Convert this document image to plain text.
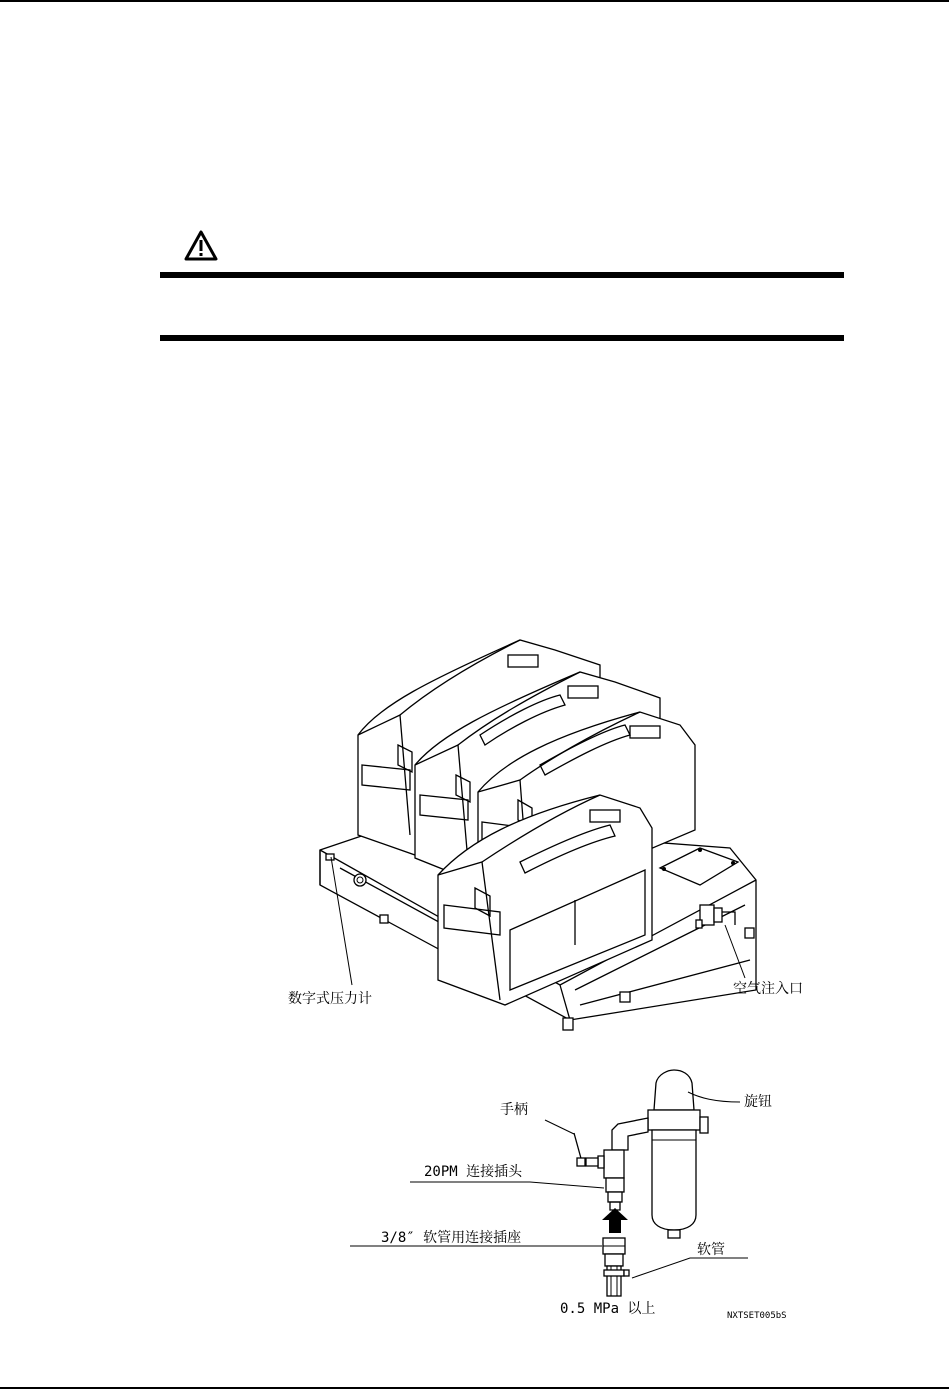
数字式压力计
空气注入口
旋钮
手柄
20PM 连接插头
3/8″ 软管用连接插座
软管
0.5 MPa 以上	NXTSET005bS
